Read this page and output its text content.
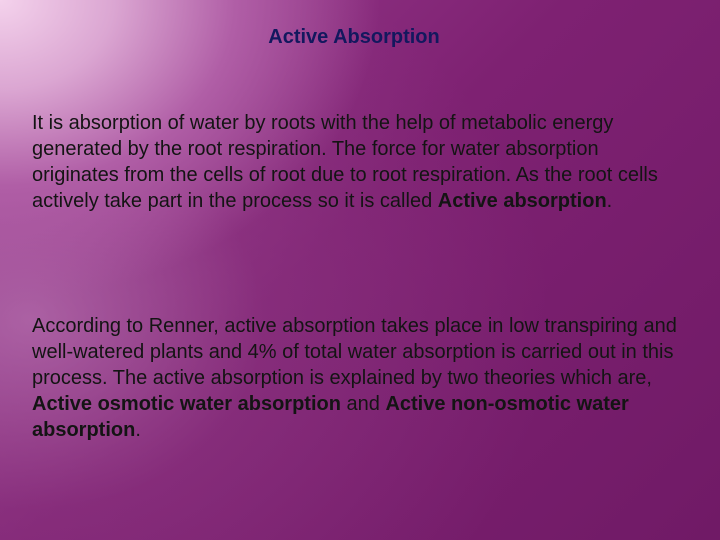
Active Absorption

It is absorption of water by roots with the help of metabolic energy generated by the root respiration. The force for water absorption originates from the cells of root due to root respiration. As the root cells actively take part in the process so it is called Active absorption.

According to Renner, active absorption takes place in low transpiring and well-watered plants and 4% of total water absorption is carried out in this process. The active absorption is explained by two theories which are, Active osmotic water absorption and Active non-osmotic water absorption.
